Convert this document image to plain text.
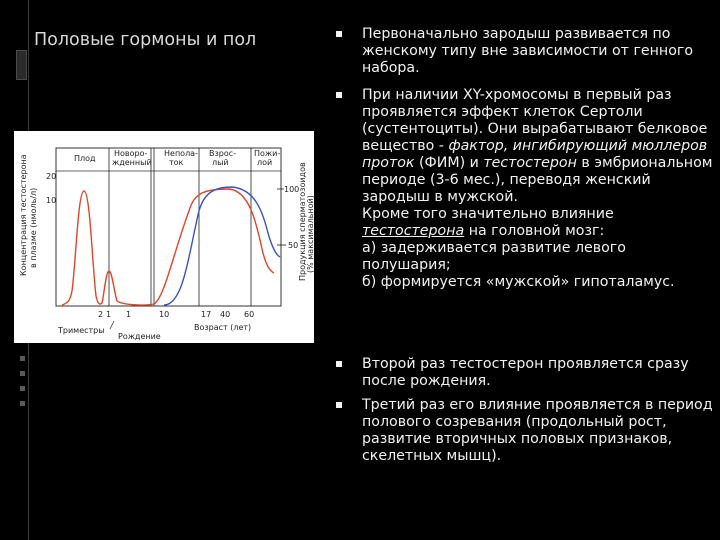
Половые гормоны и пол
Плод
Новоро-
жденный
Непола-
ток
Взрос-
лый
Пожи-
лой
Концентрация тестостерона в плазме (нмоль/л)
20
10
100
50 Продукция сперматозоидов (% максимальной)
2 1 1	10	17 40 60
Триместры
Рождение
Возраст (лет)
Первоначально зародыш развивается по женскому типу вне зависимости от генного набора.
При наличии XY-хромосомы в первый раз проявляется эффект клеток Сертоли (сустентоциты). Они вырабатывают белковое вещество - фактор, ингибирующий мюллеров проток (ФИМ) и тестостерон в эмбриональном периоде (3-6 мес.), переводя женский зародыш в мужской.
Кроме того значительно влияние тестостерона на головной мозг:
а) задерживается развитие левого полушария;
б) формируется «мужской» гипоталамус.
Второй раз тестостерон проявляется сразу после рождения.
Третий раз его влияние проявляется в период полового созревания (продольный рост, развитие вторичных половых признаков, скелетных мышц).
